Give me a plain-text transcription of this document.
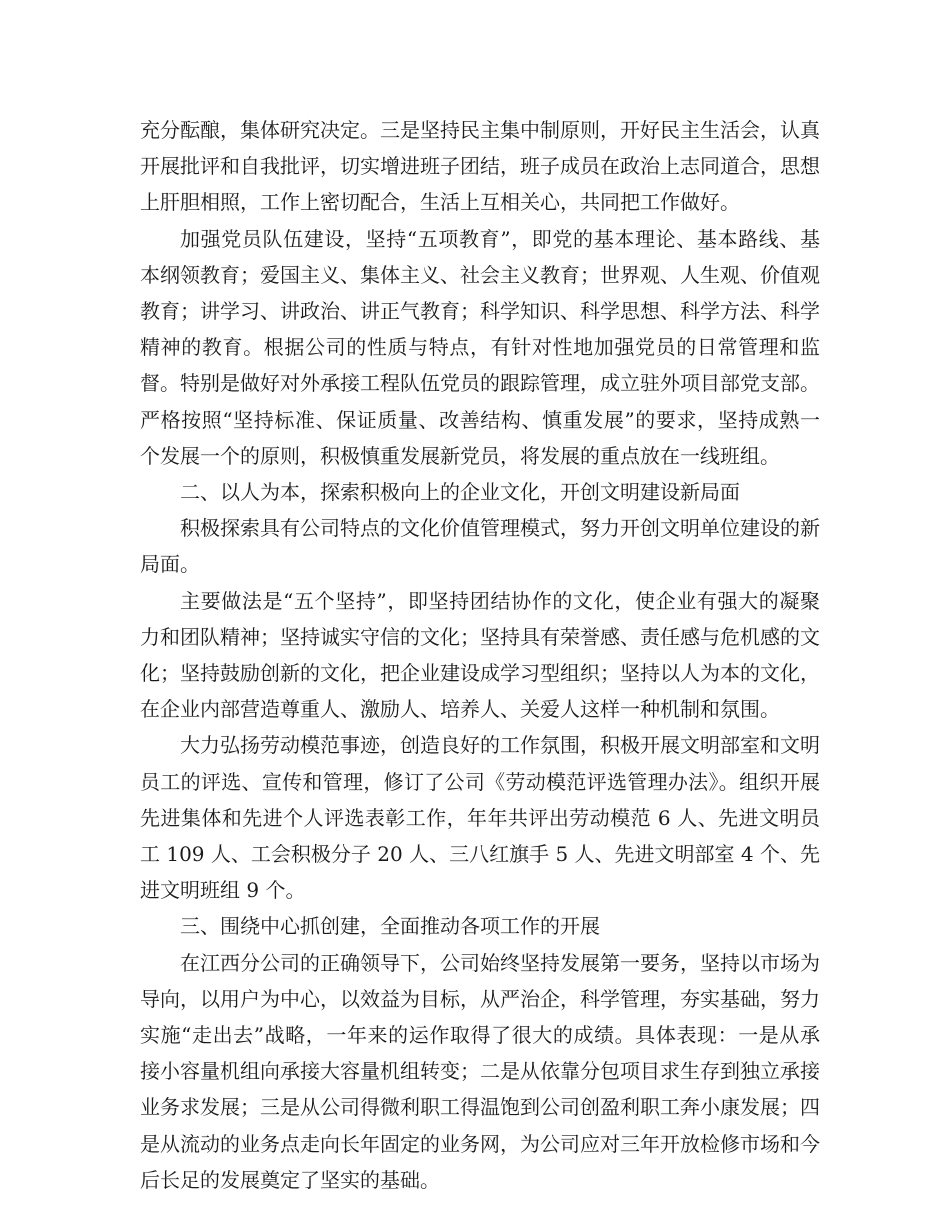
充分酝酿，集体研究决定。三是坚持民主集中制原则，开好民主生活会，认真开展批评和自我批评，切实增进班子团结，班子成员在政治上志同道合，思想上肝胆相照，工作上密切配合，生活上互相关心，共同把工作做好。

加强党员队伍建设，坚持“五项教育”，即党的基本理论、基本路线、基本纲领教育；爱国主义、集体主义、社会主义教育；世界观、人生观、价值观教育；讲学习、讲政治、讲正气教育；科学知识、科学思想、科学方法、科学精神的教育。根据公司的性质与特点，有针对性地加强党员的日常管理和监督。特别是做好对外承接工程队伍党员的跟踪管理，成立驻外项目部党支部。严格按照“坚持标准、保证质量、改善结构、慎重发展”的要求，坚持成熟一个发展一个的原则，积极慎重发展新党员，将发展的重点放在一线班组。

二、以人为本，探索积极向上的企业文化，开创文明建设新局面

积极探索具有公司特点的文化价值管理模式，努力开创文明单位建设的新局面。

主要做法是“五个坚持”，即坚持团结协作的文化，使企业有强大的凝聚力和团队精神；坚持诚实守信的文化；坚持具有荣誉感、责任感与危机感的文化；坚持鼓励创新的文化，把企业建设成学习型组织；坚持以人为本的文化，在企业内部营造尊重人、激励人、培养人、关爱人这样一种机制和氛围。

大力弘扬劳动模范事迹，创造良好的工作氛围，积极开展文明部室和文明员工的评选、宣传和管理，修订了公司《劳动模范评选管理办法》。组织开展先进集体和先进个人评选表彰工作，年年共评出劳动模范 6 人、先进文明员工 109 人、工会积极分子 20 人、三八红旗手 5 人、先进文明部室 4 个、先进文明班组 9 个。

三、围绕中心抓创建，全面推动各项工作的开展

在江西分公司的正确领导下，公司始终坚持发展第一要务，坚持以市场为导向，以用户为中心，以效益为目标，从严治企，科学管理，夯实基础，努力实施“走出去”战略，一年来的运作取得了很大的成绩。具体表现：一是从承接小容量机组向承接大容量机组转变；二是从依靠分包项目求生存到独立承接业务求发展；三是从公司得微利职工得温饱到公司创盈利职工奔小康发展；四是从流动的业务点走向长年固定的业务网，为公司应对三年开放检修市场和今后长足的发展奠定了坚实的基础。
